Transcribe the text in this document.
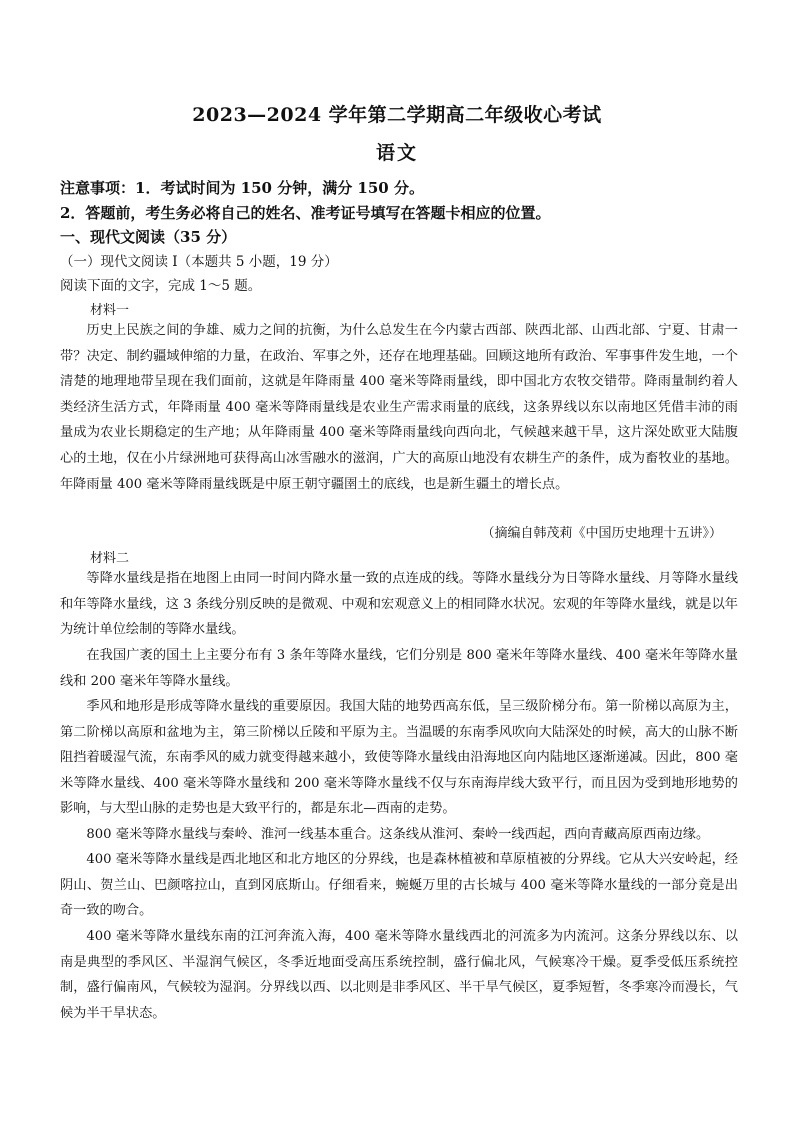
2023—2024 学年第二学期高二年级收心考试
语文
注意事项：1．考试时间为 150 分钟，满分 150 分。
2．答题前，考生务必将自己的姓名、准考证号填写在答题卡相应的位置。
一、现代文阅读（35 分）
（一）现代文阅读 I（本题共 5 小题，19 分）
阅读下面的文字，完成 1～5 题。
材料一

历史上民族之间的争雄、威力之间的抗衡，为什么总发生在今内蒙古西部、陕西北部、山西北部、宁夏、甘肃一带？决定、制约疆域伸缩的力量，在政治、军事之外，还存在地理基础。回顾这地所有政治、军事事件发生地，一个清楚的地理地带呈现在我们面前，这就是年降雨量 400 毫米等降雨量线，即中国北方农牧交错带。降雨量制约着人类经济生活方式，年降雨量 400 毫米等降雨量线是农业生产需求雨量的底线，这条界线以东以南地区凭借丰沛的雨量成为农业长期稳定的生产地；从年降雨量 400 毫米等降雨量线向西向北，气候越来越干旱，这片深处欧亚大陆腹心的土地，仅在小片绿洲地可获得高山冰雪融水的滋润，广大的高原山地没有农耕生产的条件，成为畜牧业的基地。年降雨量 400 毫米等降雨量线既是中原王朝守疆圉土的底线，也是新生疆土的增长点。

（摘编自韩茂莉《中国历史地理十五讲》）
材料二

等降水量线是指在地图上由同一时间内降水量一致的点连成的线。等降水量线分为日等降水量线、月等降水量线和年等降水量线，这 3 条线分别反映的是微观、中观和宏观意义上的相同降水状况。宏观的年等降水量线，就是以年为统计单位绘制的等降水量线。

在我国广袤的国土上主要分布有 3 条年等降水量线，它们分别是 800 毫米年等降水量线、400 毫米年等降水量线和 200 毫米年等降水量线。

季风和地形是形成等降水量线的重要原因。我国大陆的地势西高东低，呈三级阶梯分布。第一阶梯以高原为主，第二阶梯以高原和盆地为主，第三阶梯以丘陵和平原为主。当温暖的东南季风吹向大陆深处的时候，高大的山脉不断阻挡着暖湿气流，东南季风的威力就变得越来越小，致使等降水量线由沿海地区向内陆地区逐渐递减。因此，800 毫米等降水量线、400 毫米等降水量线和 200 毫米等降水量线不仅与东南海岸线大致平行，而且因为受到地形地势的影响，与大型山脉的走势也是大致平行的，都是东北—西南的走势。

800 毫米等降水量线与秦岭、淮河一线基本重合。这条线从淮河、秦岭一线西起，西向青藏高原西南边缘。

400 毫米等降水量线是西北地区和北方地区的分界线，也是森林植被和草原植被的分界线。它从大兴安岭起，经阴山、贺兰山、巴颜喀拉山，直到冈底斯山。仔细看来，蜿蜒万里的古长城与 400 毫米等降水量线的一部分竟是出奇一致的吻合。

400 毫米等降水量线东南的江河奔流入海，400 毫米等降水量线西北的河流多为内流河。这条分界线以东、以南是典型的季风区、半湿润气候区，冬季近地面受高压系统控制，盛行偏北风，气候寒冷干燥。夏季受低压系统控制，盛行偏南风，气候较为湿润。分界线以西、以北则是非季风区、半干旱气候区，夏季短暂，冬季寒冷而漫长，气候为半干旱状态。
